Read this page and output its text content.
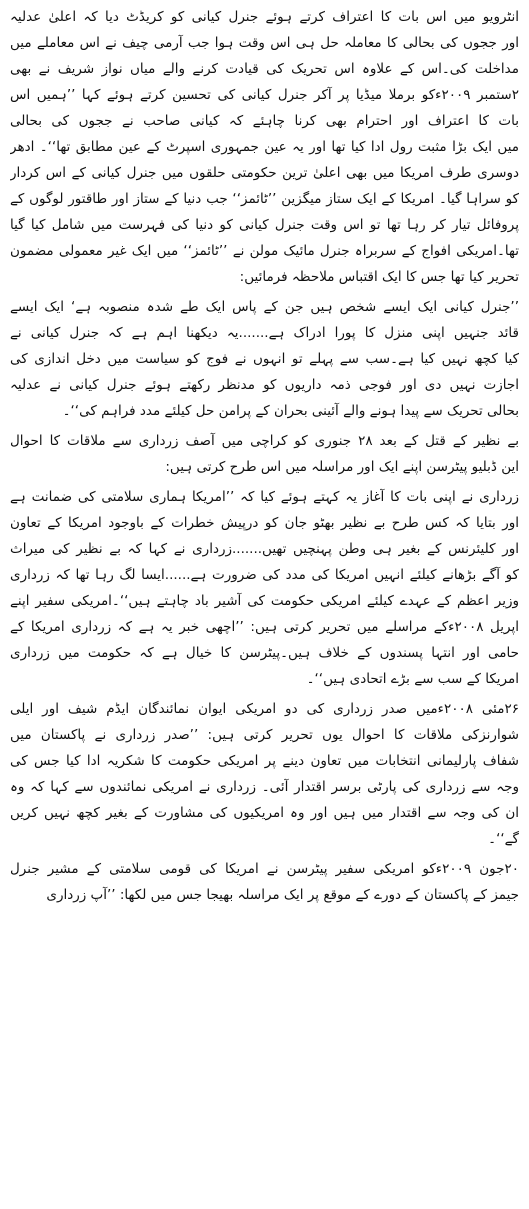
انٹرویو میں اس بات کا اعتراف کرتے ہوئے جنرل کیانی کو کریڈٹ دیا کہ اعلیٰ عدلیہ
اور ججوں کی بحالی کا معاملہ حل ہی اس وقت ہوا جب آرمی چیف نے اس معاملے میں
مداخلت کی۔اس کے علاوہ اس تحریک کی قیادت کرنے والے میاں نواز شریف نے بھی
۲ستمبر ۲۰۰۹ءکو برملا میڈیا پر آکر جنرل کیانی کی تحسین کرتے ہوئے کہا ’’ہمیں اس
بات کا اعتراف اور احترام بھی کرنا چاہئے کہ کیانی صاحب نے ججوں کی بحالی
میں ایک بڑا مثبت رول ادا کیا تھا اور یہ عین جمہوری اسپرٹ کے عین مطابق تھا‘‘۔ ادھر
دوسری طرف امریکا میں بھی اعلیٰ ترین حکومتی حلقوں میں جنرل کیانی کے اس کردار
کو سراہا گیا۔ امریکا کے ایک ستاز میگزین ’’ٹائمز‘‘ جب دنیا کے ستاز اور طاقتور لوگوں کے
پروفائل تیار کر رہا تھا تو اس وقت جنرل کیانی کو دنیا کی فہرست میں شامل کیا گیا
تھا۔امریکی افواج کے سربراہ جنرل مائیک مولن نے ’’ٹائمز‘‘ میں ایک غیر معمولی مضمون
تحریر کیا تھا جس کا ایک اقتباس ملاحظہ فرمائیں:
’’جنرل کیانی ایک ایسے شخص ہیں جن کے پاس ایک طے شدہ منصوبہ ہے‘ ایک ایسے
قائد جنہیں اپنی منزل کا پورا ادراک ہے.......یہ دیکھنا اہم ہے کہ جنرل کیانی نے
کیا کچھ نہیں کیا ہے۔سب سے پہلے تو انہوں نے فوج کو سیاست میں دخل اندازی کی
اجازت نہیں دی اور فوجی ذمہ داریوں کو مدنظر رکھتے ہوئے جنرل کیانی نے عدلیہ
بحالی تحریک سے پیدا ہونے والے آئینی بحران کے پرامن حل کیلئے مدد فراہم کی‘‘۔
بے نظیر کے قتل کے بعد ۲۸ جنوری کو کراچی میں آصف زرداری سے ملاقات کا احوال
این ڈبلیو پیٹرسن اپنے ایک اور مراسلہ میں اس طرح کرتی ہیں:
زرداری نے اپنی بات کا آغاز یہ کہتے ہوئے کیا کہ ’’امریکا ہماری سلامتی کی ضمانت ہے
اور بتایا کہ کس طرح بے نظیر بھٹو جان کو درپیش خطرات کے باوجود امریکا کے تعاون
اور کلیئرنس کے بغیر ہی وطن پہنچیں تھیں.......زرداری نے کہا کہ بے نظیر کی میراث
کو آگے بڑھانے کیلئے انہیں امریکا کی مدد کی ضرورت ہے......ایسا لگ رہا تھا کہ زرداری
وزیر اعظم کے عہدے کیلئے امریکی حکومت کی آشیر باد چاہتے ہیں‘‘۔امریکی سفیر اپنے
اپریل ۲۰۰۸ءکے مراسلے میں تحریر کرتی ہیں: ’’اچھی خبر یہ ہے کہ زرداری امریکا کے
حامی اور انتہا پسندوں کے خلاف ہیں۔پیٹرسن کا خیال ہے کہ حکومت میں زرداری
امریکا کے سب سے بڑے اتحادی ہیں‘‘۔
۲۶مئی ۲۰۰۸ءمیں صدر زرداری کی دو امریکی ایوان نمائندگان ایڈم شیف اور ایلی
شوارنزکی ملاقات کا احوال یوں تحریر کرتی ہیں: ’’صدر زرداری نے پاکستان میں
شفاف پارلیمانی انتخابات میں تعاون دینے پر امریکی حکومت کا شکریہ ادا کیا جس کی
وجہ سے زرداری کی پارٹی برسر اقتدار آئی۔ زرداری نے امریکی نمائندوں سے کہا کہ وہ
ان کی وجہ سے اقتدار میں ہیں اور وہ امریکیوں کی مشاورت کے بغیر کچھ نہیں کریں
گے‘‘۔
۲۰جون ۲۰۰۹ءکو امریکی سفیر پیٹرسن نے امریکا کی قومی سلامتی کے مشیر جنرل
جیمز کے پاکستان کے دورے کے موقع پر ایک مراسلہ بھیجا جس میں لکھا: ’’آپ زرداری
